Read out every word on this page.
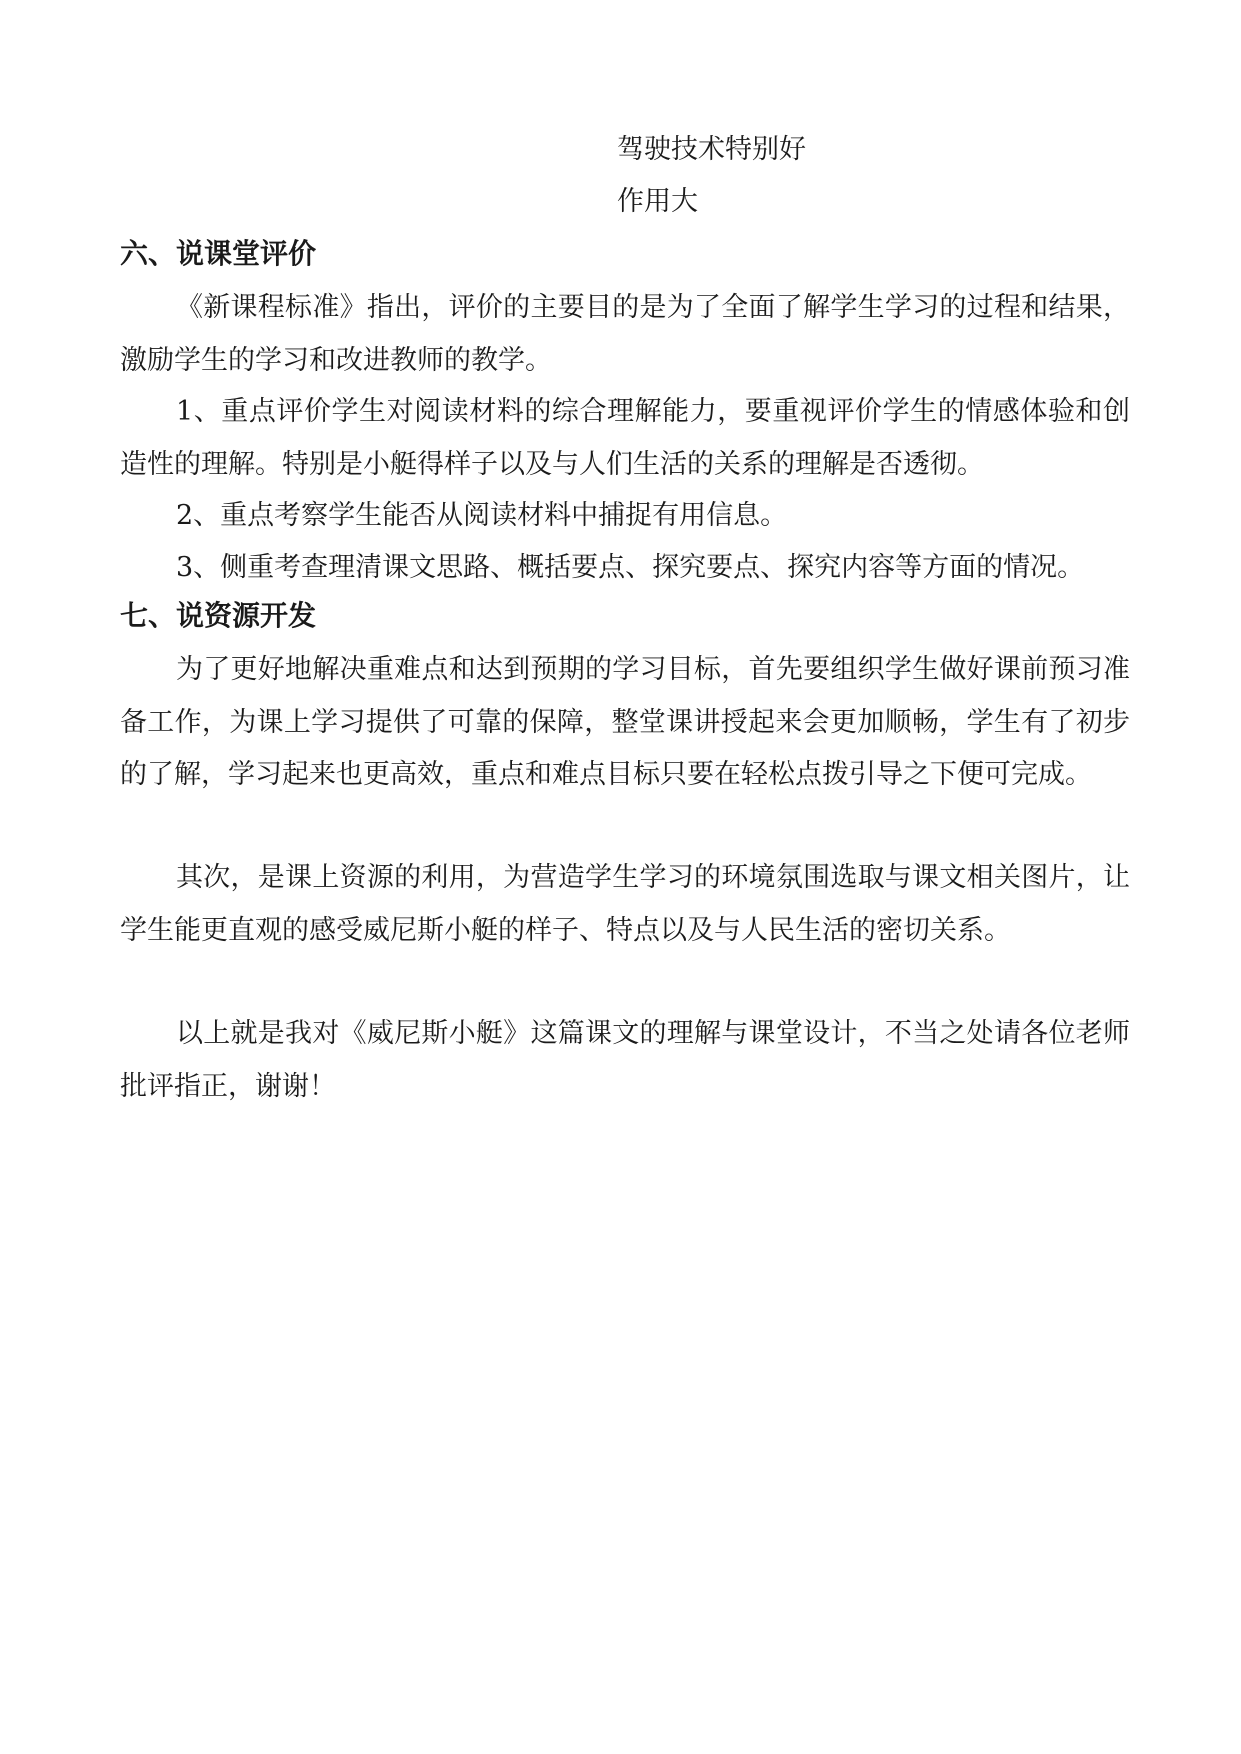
驾驶技术特别好
作用大
六、说课堂评价

《新课程标准》指出，评价的主要目的是为了全面了解学生学习的过程和结果，激励学生的学习和改进教师的教学。

1、重点评价学生对阅读材料的综合理解能力，要重视评价学生的情感体验和创造性的理解。特别是小艇得样子以及与人们生活的关系的理解是否透彻。

2、重点考察学生能否从阅读材料中捕捉有用信息。

3、侧重考查理清课文思路、概括要点、探究要点、探究内容等方面的情况。

七、说资源开发

为了更好地解决重难点和达到预期的学习目标，首先要组织学生做好课前预习准备工作，为课上学习提供了可靠的保障，整堂课讲授起来会更加顺畅，学生有了初步的了解，学习起来也更高效，重点和难点目标只要在轻松点拨引导之下便可完成。

其次，是课上资源的利用，为营造学生学习的环境氛围选取与课文相关图片，让学生能更直观的感受威尼斯小艇的样子、特点以及与人民生活的密切关系。

以上就是我对《威尼斯小艇》这篇课文的理解与课堂设计，不当之处请各位老师批评指正，谢谢！
